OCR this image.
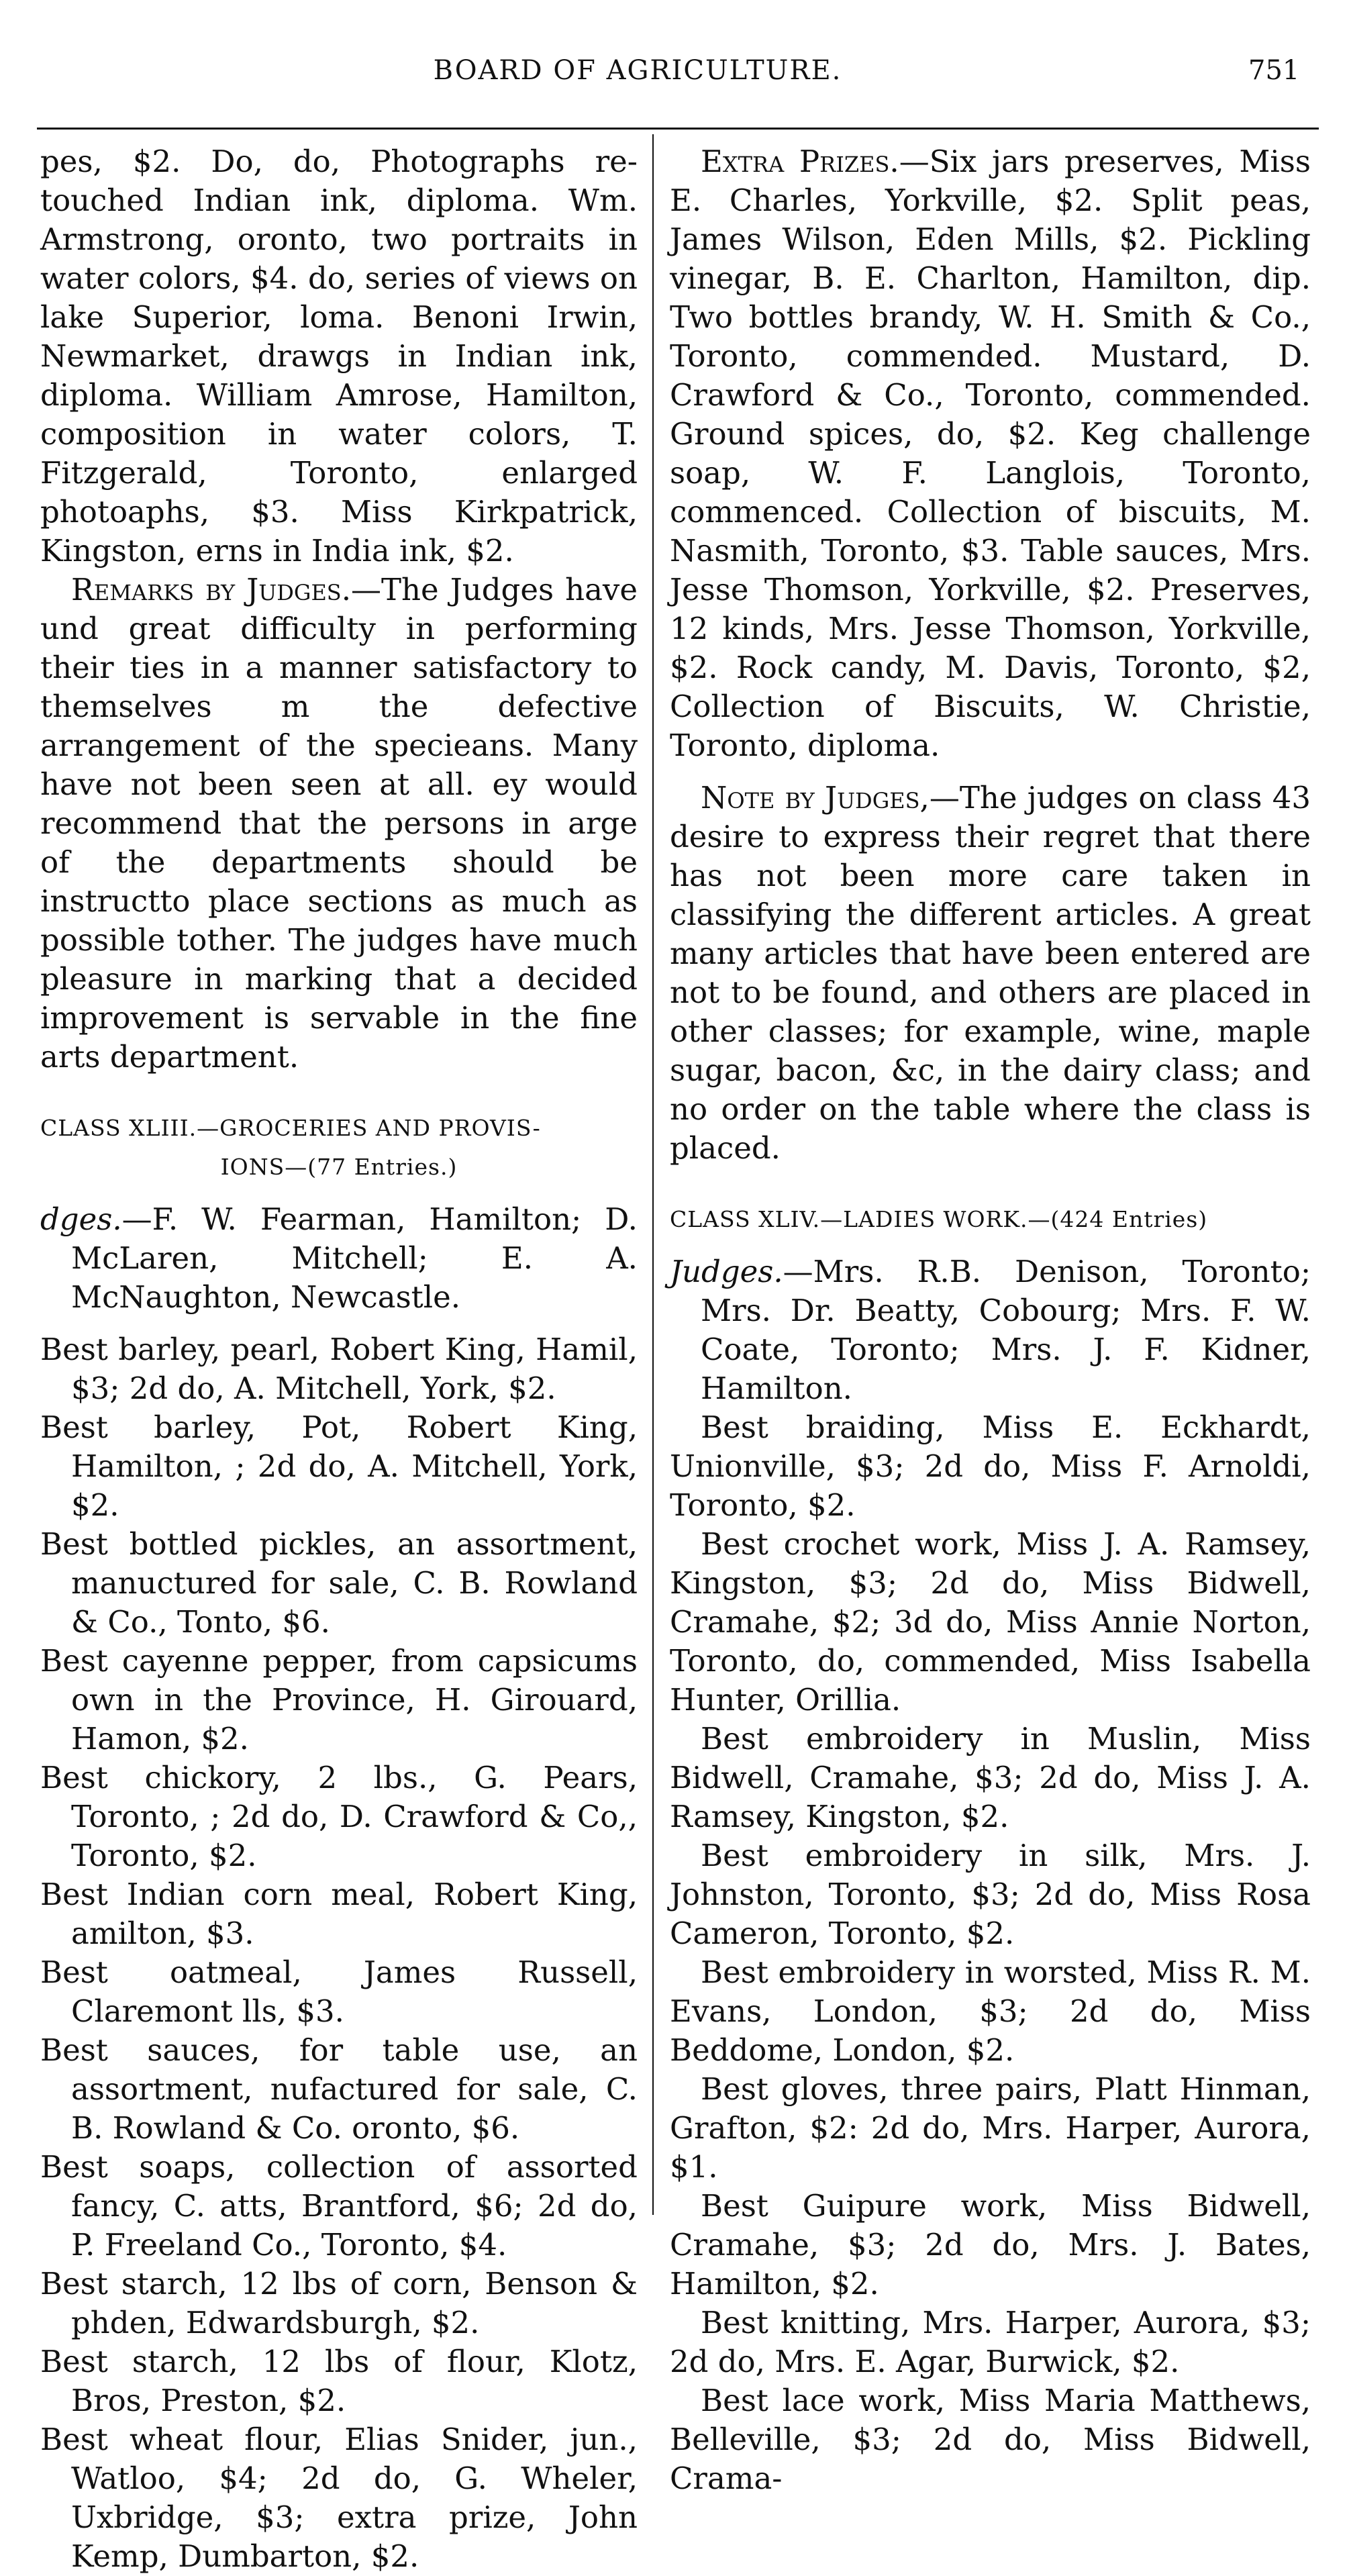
BOARD OF AGRICULTURE.	751

pes, $2. Do, do, Photographs re-touched Indian ink, diploma. Wm. Armstrong, oronto, two portraits in water colors, $4. do, series of views on lake Superior, loma. Benoni Irwin, Newmarket, drawgs in Indian ink, diploma. William Amrose, Hamilton, composition in water colors, T. Fitzgerald, Toronto, enlarged photoaphs, $3. Miss Kirkpatrick, Kingston, erns in India ink, $2.

Remarks by Judges.—The Judges have und great difficulty in performing their ties in a manner satisfactory to themselves m the defective arrangement of the specieans. Many have not been seen at all. ey would recommend that the persons in arge of the departments should be instructto place sections as much as possible tother. The judges have much pleasure in marking that a decided improvement is servable in the fine arts department.

CLASS XLIII.—GROCERIES AND PROVIS-
IONS—(77 Entries.)

dges.—F. W. Fearman, Hamilton; D. McLaren, Mitchell; E. A. McNaughton, Newcastle.

Best barley, pearl, Robert King, Hamil, $3; 2d do, A. Mitchell, York, $2.

Best barley, Pot, Robert King, Hamilton, ; 2d do, A. Mitchell, York, $2.

Best bottled pickles, an assortment, manuctured for sale, C. B. Rowland & Co., Tonto, $6.

Best cayenne pepper, from capsicums own in the Province, H. Girouard, Hamon, $2.

Best chickory, 2 lbs., G. Pears, Toronto, ; 2d do, D. Crawford & Co,, Toronto, $2.

Best Indian corn meal, Robert King, amilton, $3.

Best oatmeal, James Russell, Claremont lls, $3.

Best sauces, for table use, an assortment, nufactured for sale, C. B. Rowland & Co. oronto, $6.

Best soaps, collection of assorted fancy, C. atts, Brantford, $6; 2d do, P. Freeland Co., Toronto, $4.

Best starch, 12 lbs of corn, Benson & phden, Edwardsburgh, $2.

Best starch, 12 lbs of flour, Klotz, Bros, Preston, $2.

Best wheat flour, Elias Snider, jun., Watloo, $4; 2d do, G. Wheler, Uxbridge, $3; extra prize, John Kemp, Dumbarton, $2.

Extra Prizes.—Six jars preserves, Miss E. Charles, Yorkville, $2. Split peas, James Wilson, Eden Mills, $2. Pickling vinegar, B. E. Charlton, Hamilton, dip. Two bottles brandy, W. H. Smith & Co., Toronto, commended. Mustard, D. Crawford & Co., Toronto, commended. Ground spices, do, $2. Keg challenge soap, W. F. Langlois, Toronto, commenced. Collection of biscuits, M. Nasmith, Toronto, $3. Table sauces, Mrs. Jesse Thomson, Yorkville, $2. Preserves, 12 kinds, Mrs. Jesse Thomson, Yorkville, $2. Rock candy, M. Davis, Toronto, $2, Collection of Biscuits, W. Christie, Toronto, diploma.

Note by Judges,—The judges on class 43 desire to express their regret that there has not been more care taken in classifying the different articles. A great many articles that have been entered are not to be found, and others are placed in other classes; for example, wine, maple sugar, bacon, &c, in the dairy class; and no order on the table where the class is placed.

CLASS XLIV.—LADIES WORK.—(424 Entries)

Judges.—Mrs. R.B. Denison, Toronto; Mrs. Dr. Beatty, Cobourg; Mrs. F. W. Coate, Toronto; Mrs. J. F. Kidner, Hamilton.

Best braiding, Miss E. Eckhardt, Unionville, $3; 2d do, Miss F. Arnoldi, Toronto, $2.

Best crochet work, Miss J. A. Ramsey, Kingston, $3; 2d do, Miss Bidwell, Cramahe, $2; 3d do, Miss Annie Norton, Toronto, do, commended, Miss Isabella Hunter, Orillia.

Best embroidery in Muslin, Miss Bidwell, Cramahe, $3; 2d do, Miss J. A. Ramsey, Kingston, $2.

Best embroidery in silk, Mrs. J. Johnston, Toronto, $3; 2d do, Miss Rosa Cameron, Toronto, $2.

Best embroidery in worsted, Miss R. M. Evans, London, $3; 2d do, Miss Beddome, London, $2.

Best gloves, three pairs, Platt Hinman, Grafton, $2: 2d do, Mrs. Harper, Aurora, $1.

Best Guipure work, Miss Bidwell, Cramahe, $3; 2d do, Mrs. J. Bates, Hamilton, $2.

Best knitting, Mrs. Harper, Aurora, $3; 2d do, Mrs. E. Agar, Burwick, $2.

Best lace work, Miss Maria Matthews, Belleville, $3; 2d do, Miss Bidwell, Crama-
